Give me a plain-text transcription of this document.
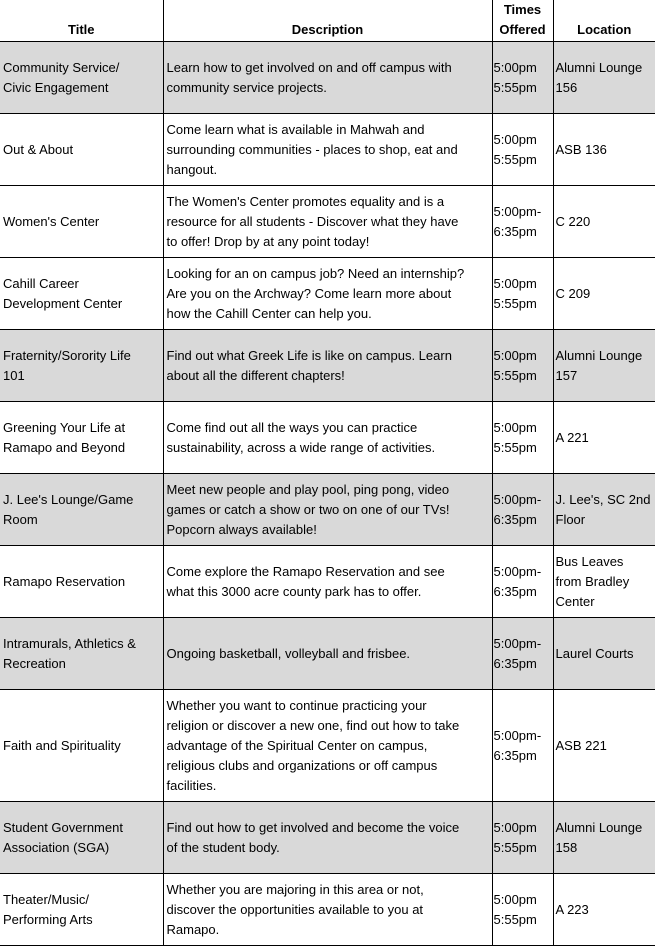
Title	Description	Times
Offered	Location

Community Service/
Civic Engagement	Learn how to get involved on and off campus with
community service projects.	5:00pm
5:55pm	Alumni Lounge
156

Out & About	Come learn what is available in Mahwah and
surrounding communities - places to shop, eat and
hangout.	5:00pm
5:55pm	ASB 136

Women's Center	The Women's Center promotes equality and is a
resource for all students - Discover what they have
to offer! Drop by at any point today!	5:00pm-
6:35pm	C 220

Cahill Career
Development Center	Looking for an on campus job? Need an internship?
Are you on the Archway? Come learn more about
how the Cahill Center can help you.	5:00pm
5:55pm	C 209

Fraternity/Sorority Life
101	Find out what Greek Life is like on campus. Learn
about all the different chapters!	5:00pm
5:55pm	Alumni Lounge
157

Greening Your Life at
Ramapo and Beyond	Come find out all the ways you can practice
sustainability, across a wide range of activities.	5:00pm
5:55pm	A 221

J. Lee's Lounge/Game
Room	Meet new people and play pool, ping pong, video
games or catch a show or two on one of our TVs!
Popcorn always available!	5:00pm-
6:35pm	J. Lee's, SC 2nd
Floor

Ramapo Reservation	Come explore the Ramapo Reservation and see
what this 3000 acre county park has to offer.	5:00pm-
6:35pm	Bus Leaves
from Bradley
Center

Intramurals, Athletics &
Recreation	Ongoing basketball, volleyball and frisbee.	5:00pm-
6:35pm	Laurel Courts

Faith and Spirituality	Whether you want to continue practicing your
religion or discover a new one, find out how to take
advantage of the Spiritual Center on campus,
religious clubs and organizations or off campus
facilities.	5:00pm-
6:35pm	ASB 221

Student Government
Association (SGA)	Find out how to get involved and become the voice
of the student body.	5:00pm
5:55pm	Alumni Lounge
158

Theater/Music/
Performing Arts	Whether you are majoring in this area or not,
discover the opportunities available to you at
Ramapo.	5:00pm
5:55pm	A 223
